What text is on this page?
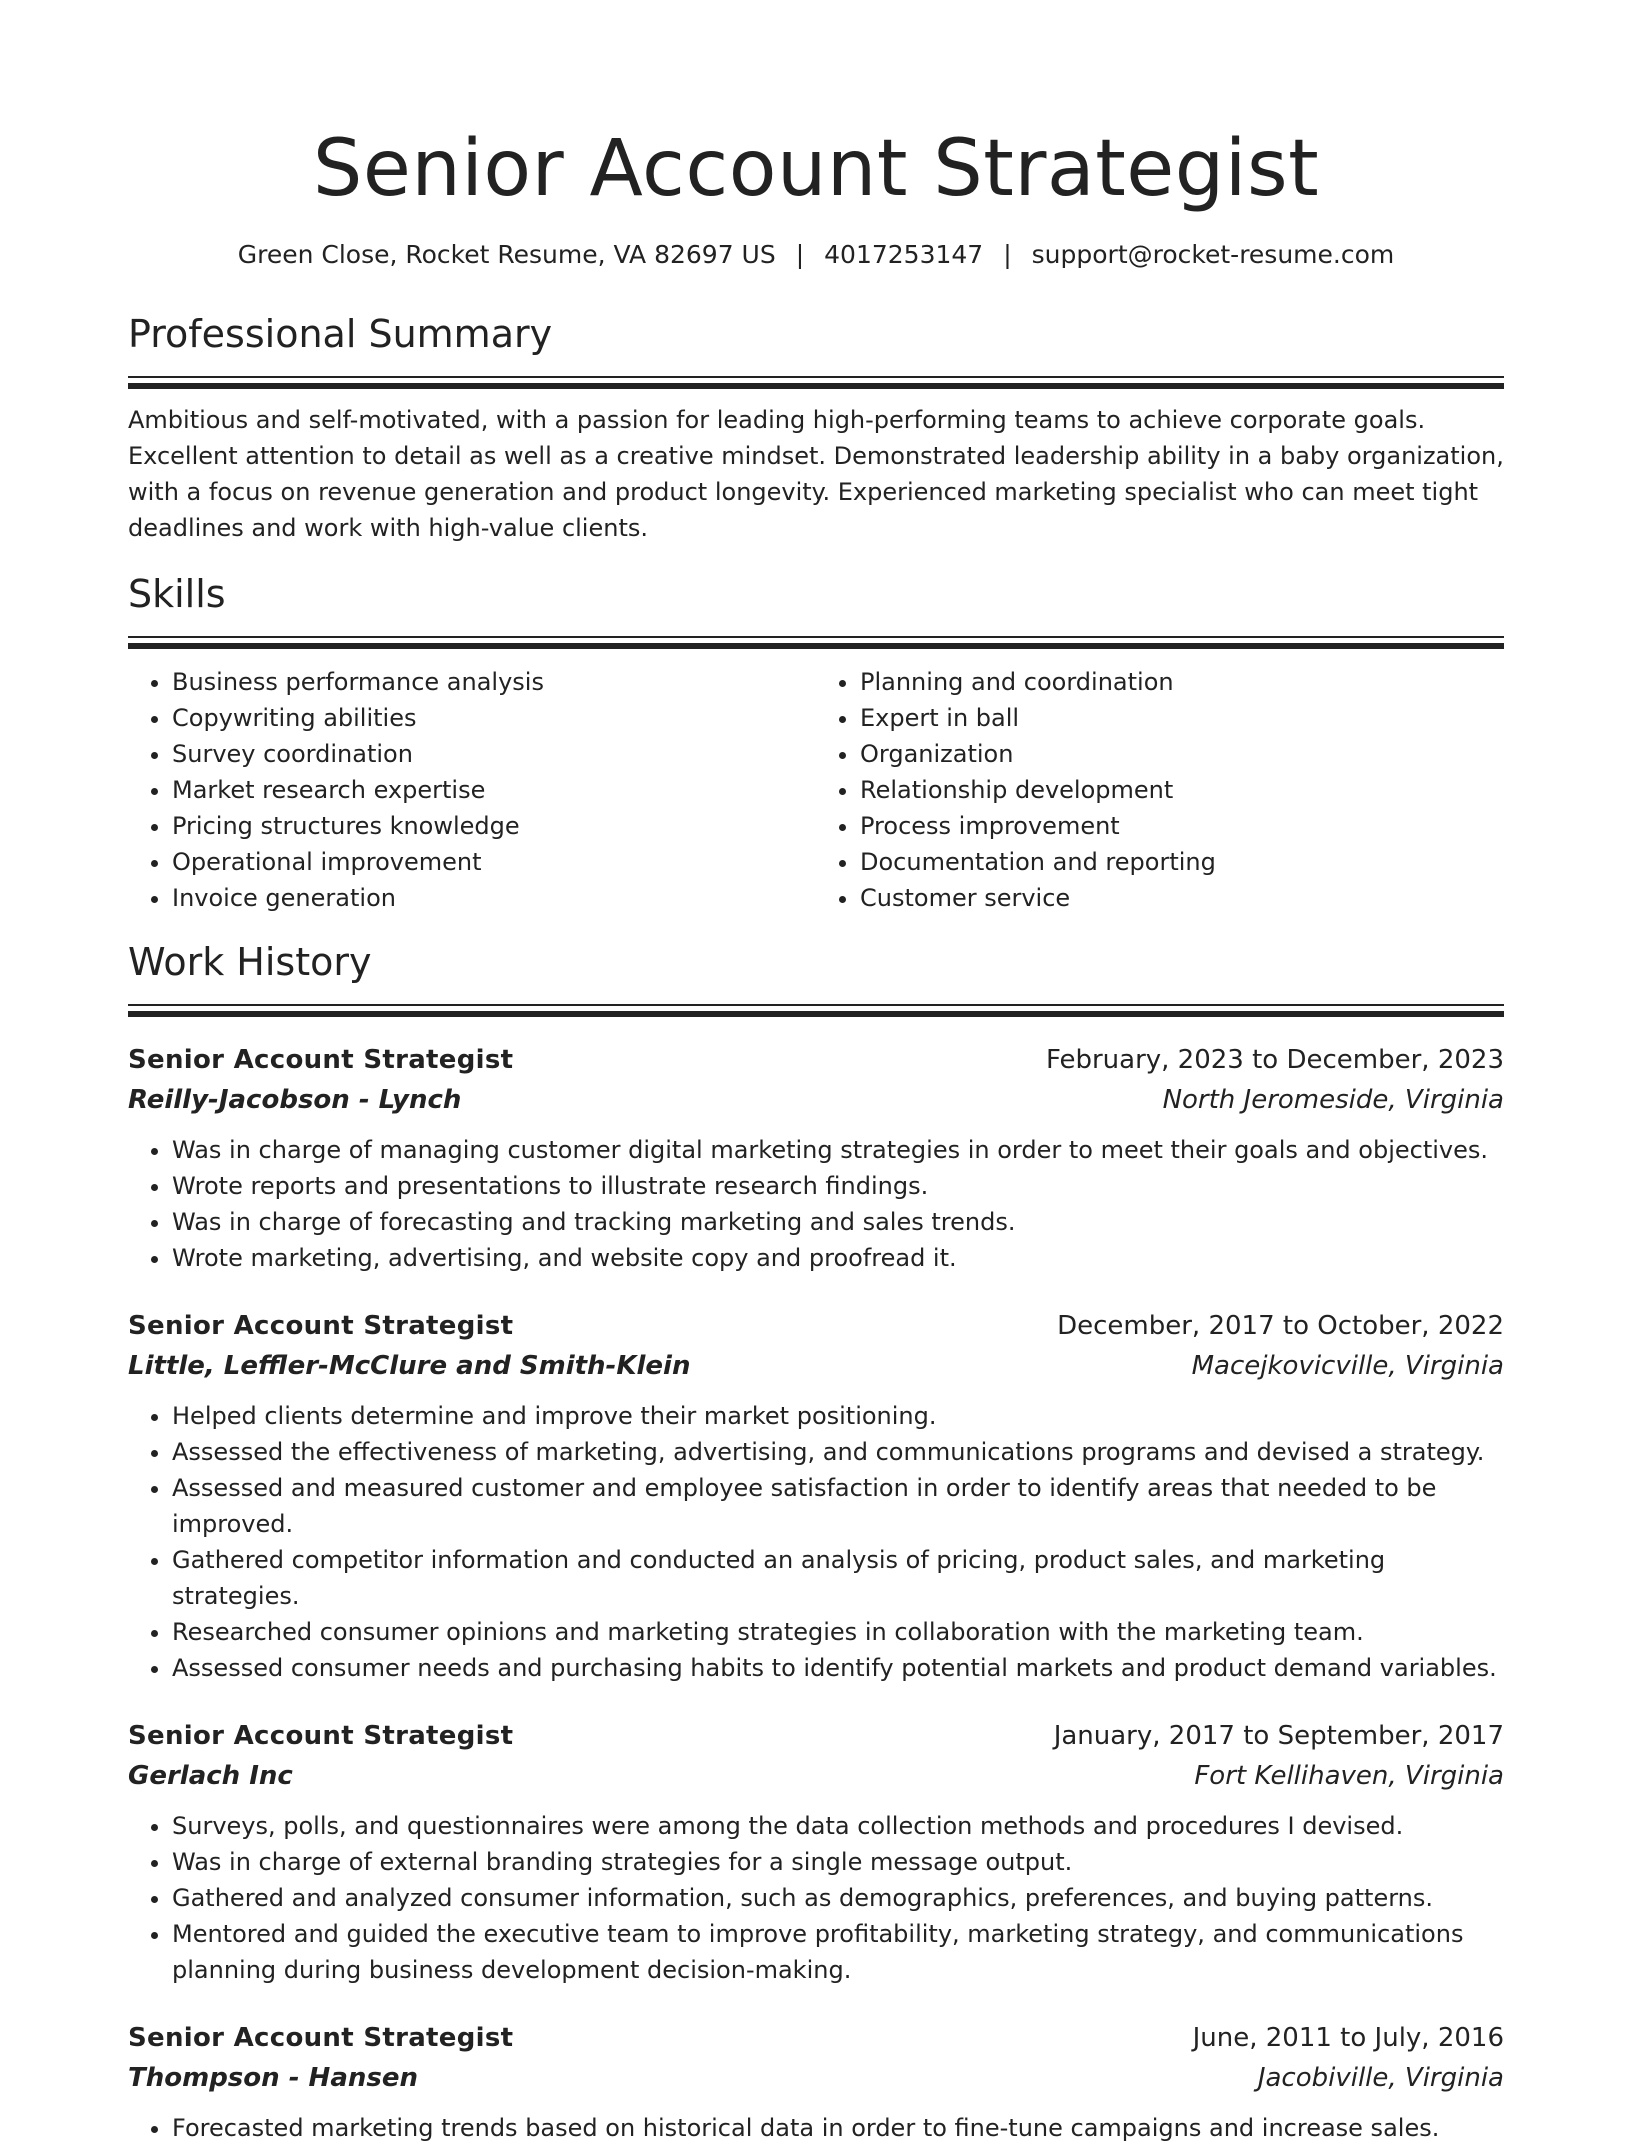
Senior Account Strategist
Green Close, Rocket Resume, VA 82697 US | 4017253147 | support@rocket-resume.com
Professional Summary

Ambitious and self-motivated, with a passion for leading high-performing teams to achieve corporate goals. Excellent attention to detail as well as a creative mindset. Demonstrated leadership ability in a baby organization, with a focus on revenue generation and product longevity. Experienced marketing specialist who can meet tight deadlines and work with high-value clients.

Skills
• Business performance analysis
• Copywriting abilities
• Survey coordination
• Market research expertise
• Pricing structures knowledge
• Operational improvement
• Invoice generation
• Planning and coordination
• Expert in ball
• Organization
• Relationship development
• Process improvement
• Documentation and reporting
• Customer service
Work History
Senior Account Strategist	February, 2023 to December, 2023
Reilly-Jacobson - Lynch	North Jeromeside, Virginia
• Was in charge of managing customer digital marketing strategies in order to meet their goals and objectives.
• Wrote reports and presentations to illustrate research findings.
• Was in charge of forecasting and tracking marketing and sales trends.
• Wrote marketing, advertising, and website copy and proofread it.
Senior Account Strategist	December, 2017 to October, 2022
Little, Leffler-McClure and Smith-Klein	Macejkovicville, Virginia
• Helped clients determine and improve their market positioning.
• Assessed the effectiveness of marketing, advertising, and communications programs and devised a strategy.
• Assessed and measured customer and employee satisfaction in order to identify areas that needed to be improved.
• Gathered competitor information and conducted an analysis of pricing, product sales, and marketing strategies.
• Researched consumer opinions and marketing strategies in collaboration with the marketing team.
• Assessed consumer needs and purchasing habits to identify potential markets and product demand variables.
Senior Account Strategist	January, 2017 to September, 2017
Gerlach Inc	Fort Kellihaven, Virginia
• Surveys, polls, and questionnaires were among the data collection methods and procedures I devised.
• Was in charge of external branding strategies for a single message output.
• Gathered and analyzed consumer information, such as demographics, preferences, and buying patterns.
• Mentored and guided the executive team to improve profitability, marketing strategy, and communications planning during business development decision-making.
Senior Account Strategist	June, 2011 to July, 2016
Thompson - Hansen	Jacobiville, Virginia
• Forecasted marketing trends based on historical data in order to fine-tune campaigns and increase sales.
